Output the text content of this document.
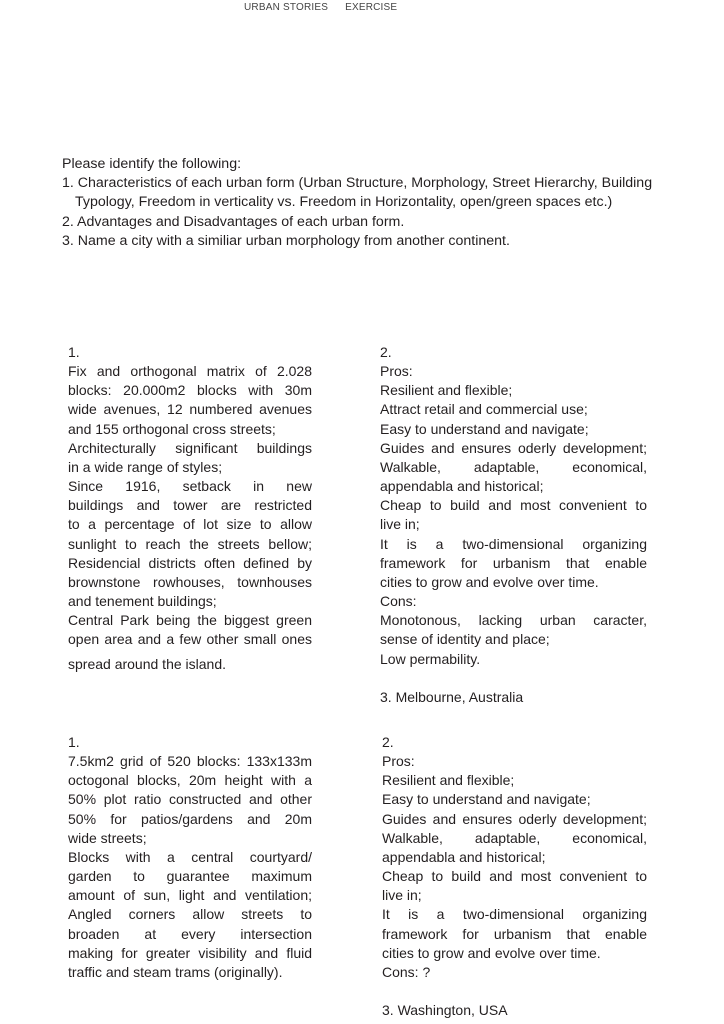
URBAN STORIES EXERCISE
Please identify the following:
1. Characteristics of each urban form (Urban Structure, Morphology, Street Hierarchy, Building Typology, Freedom in verticality vs. Freedom in Horizontality, open/green spaces etc.)
2. Advantages and Disadvantages of each urban form.
3. Name a city with a similiar urban morphology from another continent.
1.
Fix and orthogonal matrix of 2.028
blocks: 20.000m2 blocks with 30m
wide avenues, 12 numbered avenues
and 155 orthogonal cross streets;
Architecturally significant buildings
in a wide range of styles;
Since 1916, setback in new
buildings and tower are restricted
to a percentage of lot size to allow
sunlight to reach the streets bellow;
Residencial districts often defined by
brownstone rowhouses, townhouses
and tenement buildings;
Central Park being the biggest green
open area and a few other small ones
spread around the island.
2.
Pros:
Resilient and flexible;
Attract retail and commercial use;
Easy to understand and navigate;
Guides and ensures oderly development;
Walkable, adaptable, economical,
appendabla and historical;
Cheap to build and most convenient to
live in;
It is a two-dimensional organizing
framework for urbanism that enable
cities to grow and evolve over time.
Cons:
Monotonous, lacking urban caracter,
sense of identity and place;
Low permability.
3. Melbourne, Australia
1.
7.5km2 grid of 520 blocks: 133x133m
octogonal blocks, 20m height with a
50% plot ratio constructed and other
50% for patios/gardens and 20m
wide streets;
Blocks with a central courtyard/
garden to guarantee maximum
amount of sun, light and ventilation;
Angled corners allow streets to
broaden at every intersection
making for greater visibility and fluid
traffic and steam trams (originally).
2.
Pros:
Resilient and flexible;
Easy to understand and navigate;
Guides and ensures oderly development;
Walkable, adaptable, economical,
appendabla and historical;
Cheap to build and most convenient to
live in;
It is a two-dimensional organizing
framework for urbanism that enable
cities to grow and evolve over time.
Cons: ?
3. Washington, USA
